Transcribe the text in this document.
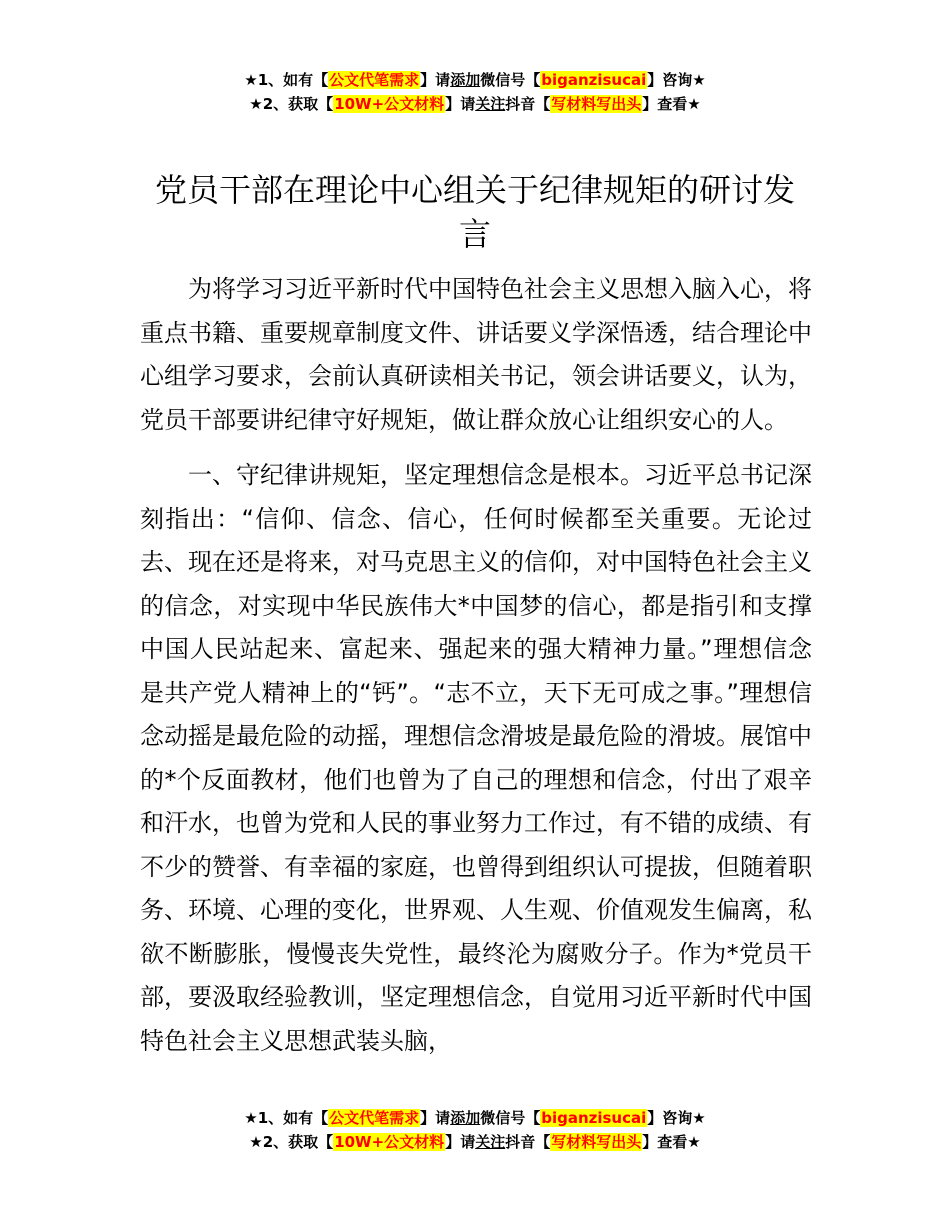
★1、如有【公文代笔需求】请添加微信号【biganzisucai】咨询★
★2、获取【10W+公文材料】请关注抖音【写材料写出头】查看★
党员干部在理论中心组关于纪律规矩的研讨发言

为将学习习近平新时代中国特色社会主义思想入脑入心，将重点书籍、重要规章制度文件、讲话要义学深悟透，结合理论中心组学习要求，会前认真研读相关书记，领会讲话要义，认为，党员干部要讲纪律守好规矩，做让群众放心让组织安心的人。

一、守纪律讲规矩，坚定理想信念是根本。习近平总书记深刻指出：“信仰、信念、信心，任何时候都至关重要。无论过去、现在还是将来，对马克思主义的信仰，对中国特色社会主义的信念，对实现中华民族伟大*中国梦的信心，都是指引和支撑中国人民站起来、富起来、强起来的强大精神力量。”理想信念是共产党人精神上的“钙”。“志不立，天下无可成之事。”理想信念动摇是最危险的动摇，理想信念滑坡是最危险的滑坡。展馆中的*个反面教材，他们也曾为了自己的理想和信念，付出了艰辛和汗水，也曾为党和人民的事业努力工作过，有不错的成绩、有不少的赞誉、有幸福的家庭，也曾得到组织认可提拔，但随着职务、环境、心理的变化，世界观、人生观、价值观发生偏离，私欲不断膨胀，慢慢丧失党性，最终沦为腐败分子。作为*党员干部，要汲取经验教训，坚定理想信念，自觉用习近平新时代中国特色社会主义思想武装头脑，

★1、如有【公文代笔需求】请添加微信号【biganzisucai】咨询★
★2、获取【10W+公文材料】请关注抖音【写材料写出头】查看★
